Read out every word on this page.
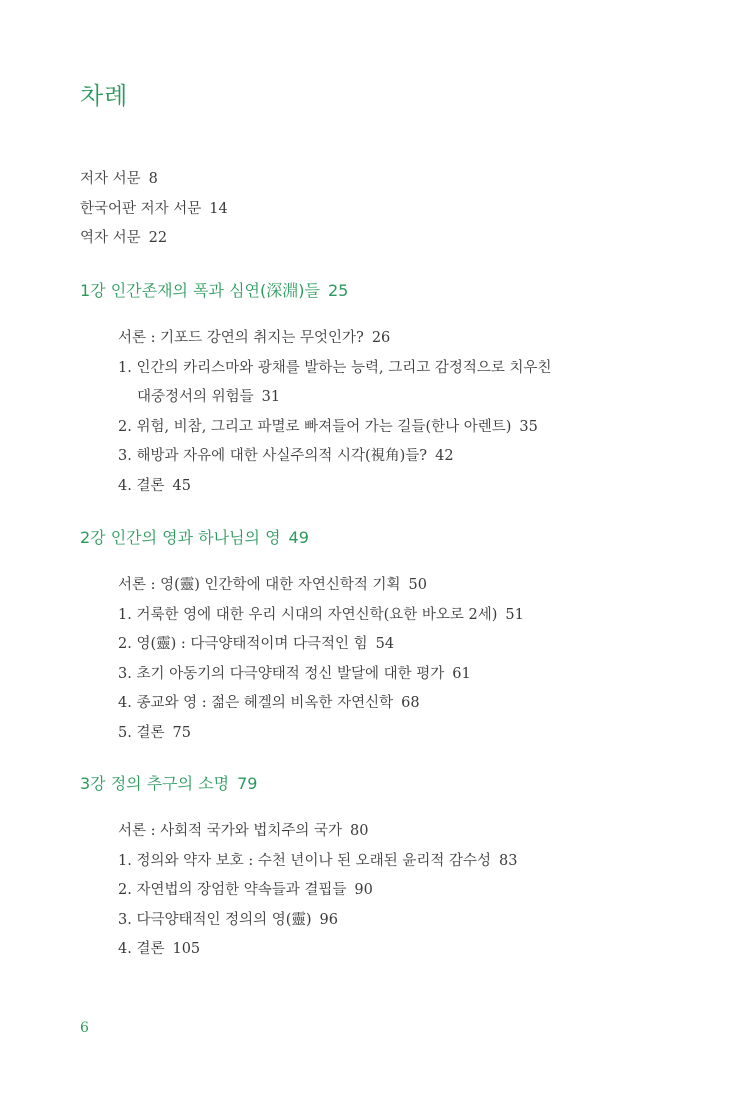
차례
저자 서문 8
한국어판 저자 서문 14
역자 서문 22
1강 인간존재의 폭과 심연(深淵)들 25
서론 : 기포드 강연의 취지는 무엇인가? 26
1. 인간의 카리스마와 광채를 발하는 능력, 그리고 감정적으로 치우친
대중정서의 위험들 31
2. 위험, 비참, 그리고 파멸로 빠져들어 가는 길들(한나 아렌트) 35
3. 해방과 자유에 대한 사실주의적 시각(視角)들? 42
4. 결론 45
2강 인간의 영과 하나님의 영 49
서론 : 영(靈) 인간학에 대한 자연신학적 기획 50
1. 거룩한 영에 대한 우리 시대의 자연신학(요한 바오로 2세) 51
2. 영(靈) : 다극양태적이며 다극적인 힘 54
3. 초기 아동기의 다극양태적 정신 발달에 대한 평가 61
4. 종교와 영 : 젊은 헤겔의 비옥한 자연신학 68
5. 결론 75
3강 정의 추구의 소명 79
서론 : 사회적 국가와 법치주의 국가 80
1. 정의와 약자 보호 : 수천 년이나 된 오래된 윤리적 감수성 83
2. 자연법의 장엄한 약속들과 결핍들 90
3. 다극양태적인 정의의 영(靈) 96
4. 결론 105
6
